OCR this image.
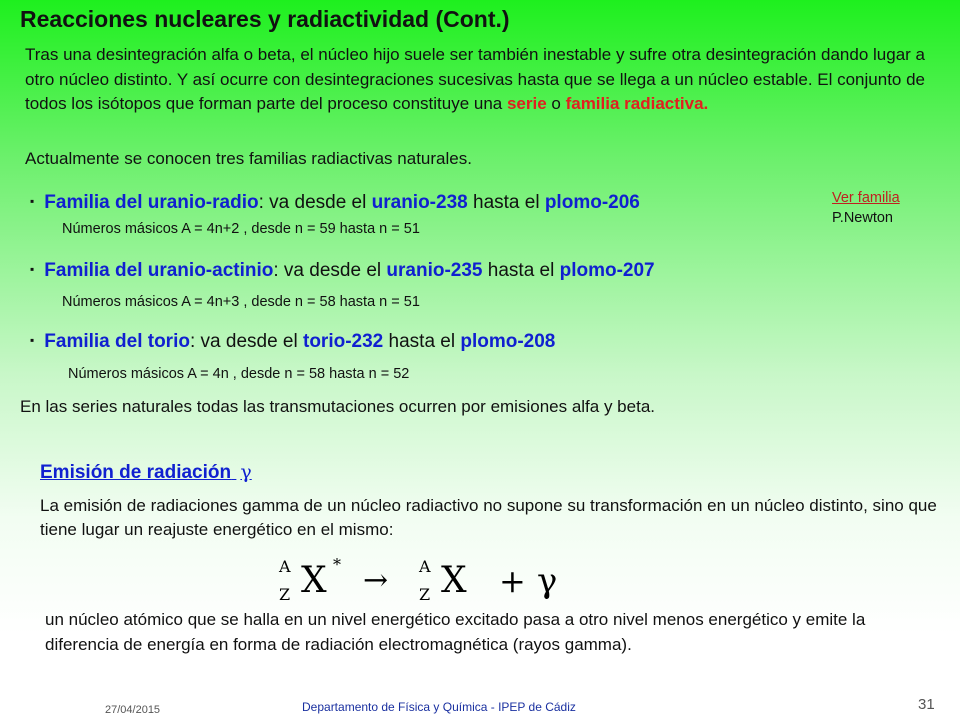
Reacciones nucleares y radiactividad (Cont.)
Tras una desintegración alfa o beta, el núcleo hijo suele ser también inestable y sufre otra desintegración dando lugar a otro núcleo distinto. Y así ocurre con desintegraciones sucesivas hasta que se llega a un núcleo estable. El conjunto de todos los isótopos que forman parte del proceso constituye una serie o familia radiactiva.
Actualmente se conocen tres familias radiactivas naturales.
▪ Familia del uranio-radio: va desde el uranio-238 hasta el plomo-206
Números másicos A = 4n+2 , desde n = 59 hasta n = 51
▪ Familia del uranio-actinio: va desde el uranio-235 hasta el plomo-207
Números másicos A = 4n+3 , desde n = 58 hasta n = 51
▪ Familia del torio: va desde el torio-232 hasta el plomo-208
Números másicos A = 4n , desde n = 58 hasta n = 52
Ver familia
P.Newton
En las series naturales todas las transmutaciones ocurren por emisiones alfa y beta.
Emisión de radiación γ
La emisión de radiaciones gamma de un núcleo radiactivo no supone su transformación en un núcleo distinto, sino que tiene lugar un reajuste energético en el mismo:
A
Z X * → A
Z X + γ
un núcleo atómico que se halla en un nivel energético excitado pasa a otro nivel menos energético y emite la diferencia de energía en forma de radiación electromagnética (rayos gamma).
27/04/2015	Departamento de Física y Química - IPEP de Cádiz	31
